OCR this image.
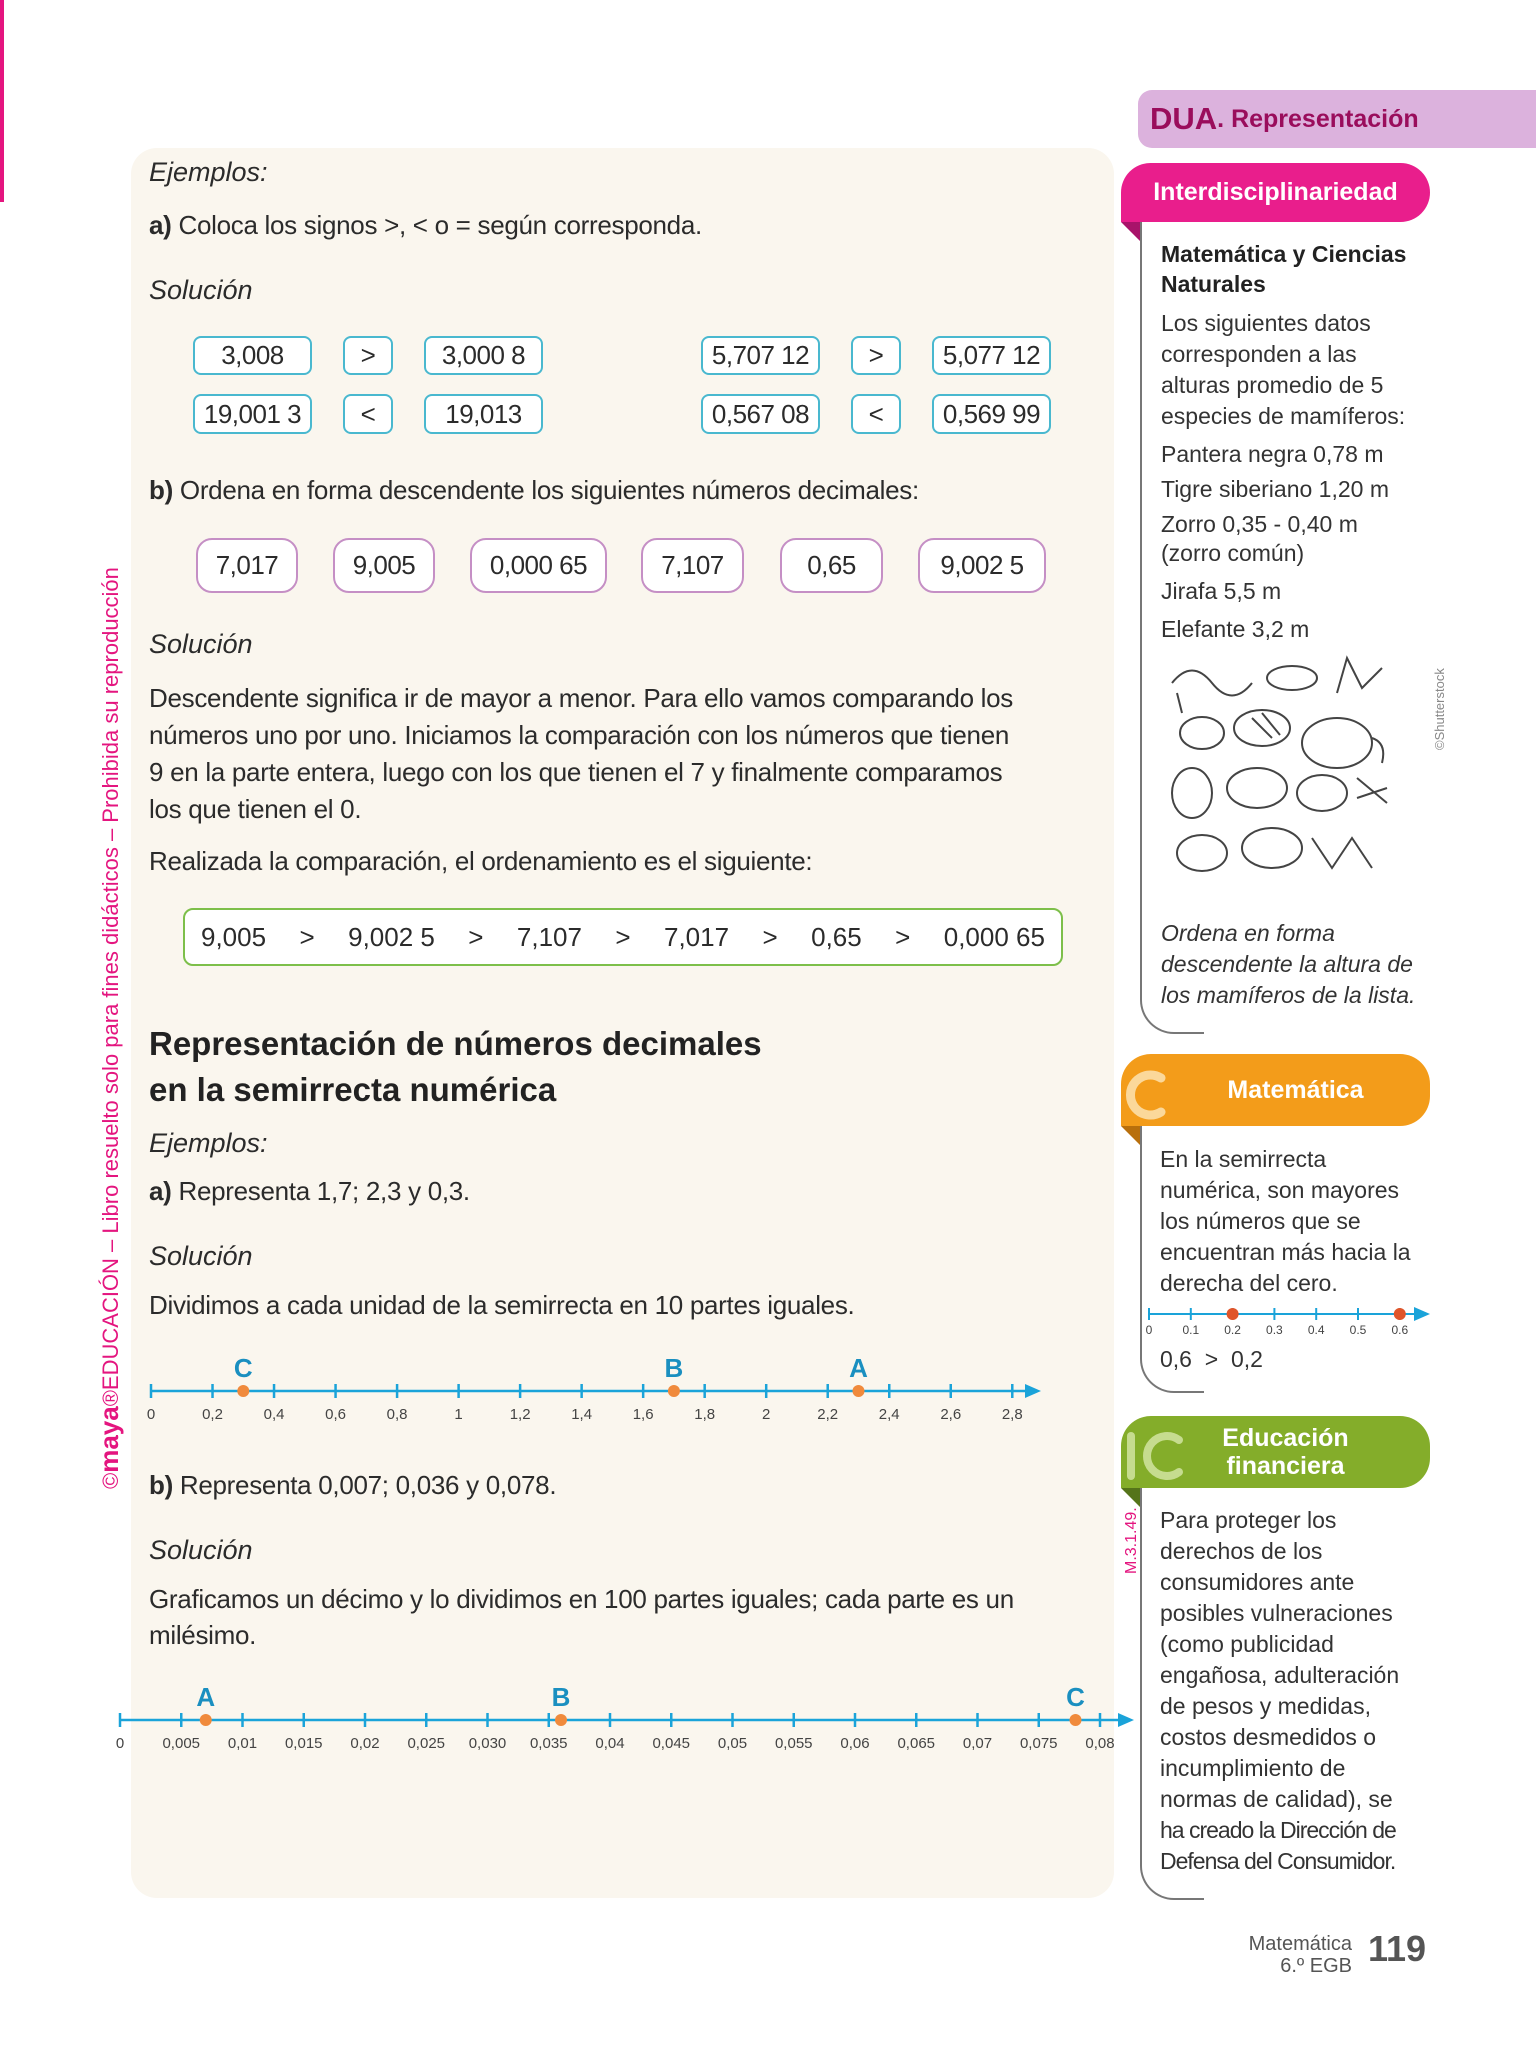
©maya®EDUCACIÓN – Libro resuelto solo para fines didácticos – Prohibida su reproducción
Ejemplos:
a) Coloca los signos >, < o = según corresponda.
Solución
3,008	>	3,000 8
19,001 3	<	19,013
5,707 12	>	5,077 12
0,567 08	<	0,569 99
b) Ordena en forma descendente los siguientes números decimales:
7,017	9,005	0,000 65	7,107	0,65	9,002 5
Solución
Descendente significa ir de mayor a menor. Para ello vamos comparando los
números uno por uno. Iniciamos la comparación con los números que tienen
9 en la parte entera, luego con los que tienen el 7 y finalmente comparamos
los que tienen el 0.
Realizada la comparación, el ordenamiento es el siguiente:
9,005 > 9,002 5 > 7,107 > 7,017 > 0,65 > 0,000 65
Representación de números decimales
en la semirrecta numérica
Ejemplos:
a) Representa 1,7; 2,3 y 0,3.
Solución
Dividimos a cada unidad de la semirrecta en 10 partes iguales.
b) Representa 0,007; 0,036 y 0,078.
Solución
Graficamos un décimo y lo dividimos en 100 partes iguales; cada parte es un
milésimo.
DUA . Representación
Interdisciplinariedad
Matemática y Ciencias
Naturales
Los siguientes datos
corresponden a las
alturas promedio de 5
especies de mamíferos:
Pantera negra 0,78 m
Tigre siberiano 1,20 m
Zorro 0,35 - 0,40 m
(zorro común)
Jirafa 5,5 m
Elefante 3,2 m
©Shutterstock
Ordena en forma
descendente la altura de
los mamíferos de la lista.
Matemática
En la semirrecta
numérica, son mayores
los números que se
encuentran más hacia la
derecha del cero.
0,6  >  0,2
Educación
financiera
M.3.1.49. Para proteger los
derechos de los
consumidores ante
posibles vulneraciones
(como publicidad
engañosa, adulteración
de pesos y medidas,
costos desmedidos o
incumplimiento de
normas de calidad), se
ha creado la Dirección de
Defensa del Consumidor.
Matemática
6.º EGB 119
0	0,2	0,4	0,6	0,8	1	1,2	1,4	1,6	1,8	2	2,2	2,4	2,6	2,8
C	B	A
0	0,005 0,01 0,015 0,02 0,025 0,030 0,035 0,04 0,045 0,05 0,055 0,06 0,065 0,07 0,075 0,08
A	B	C
0	0.1 0.2 0.3 0.4 0.5 0.6
